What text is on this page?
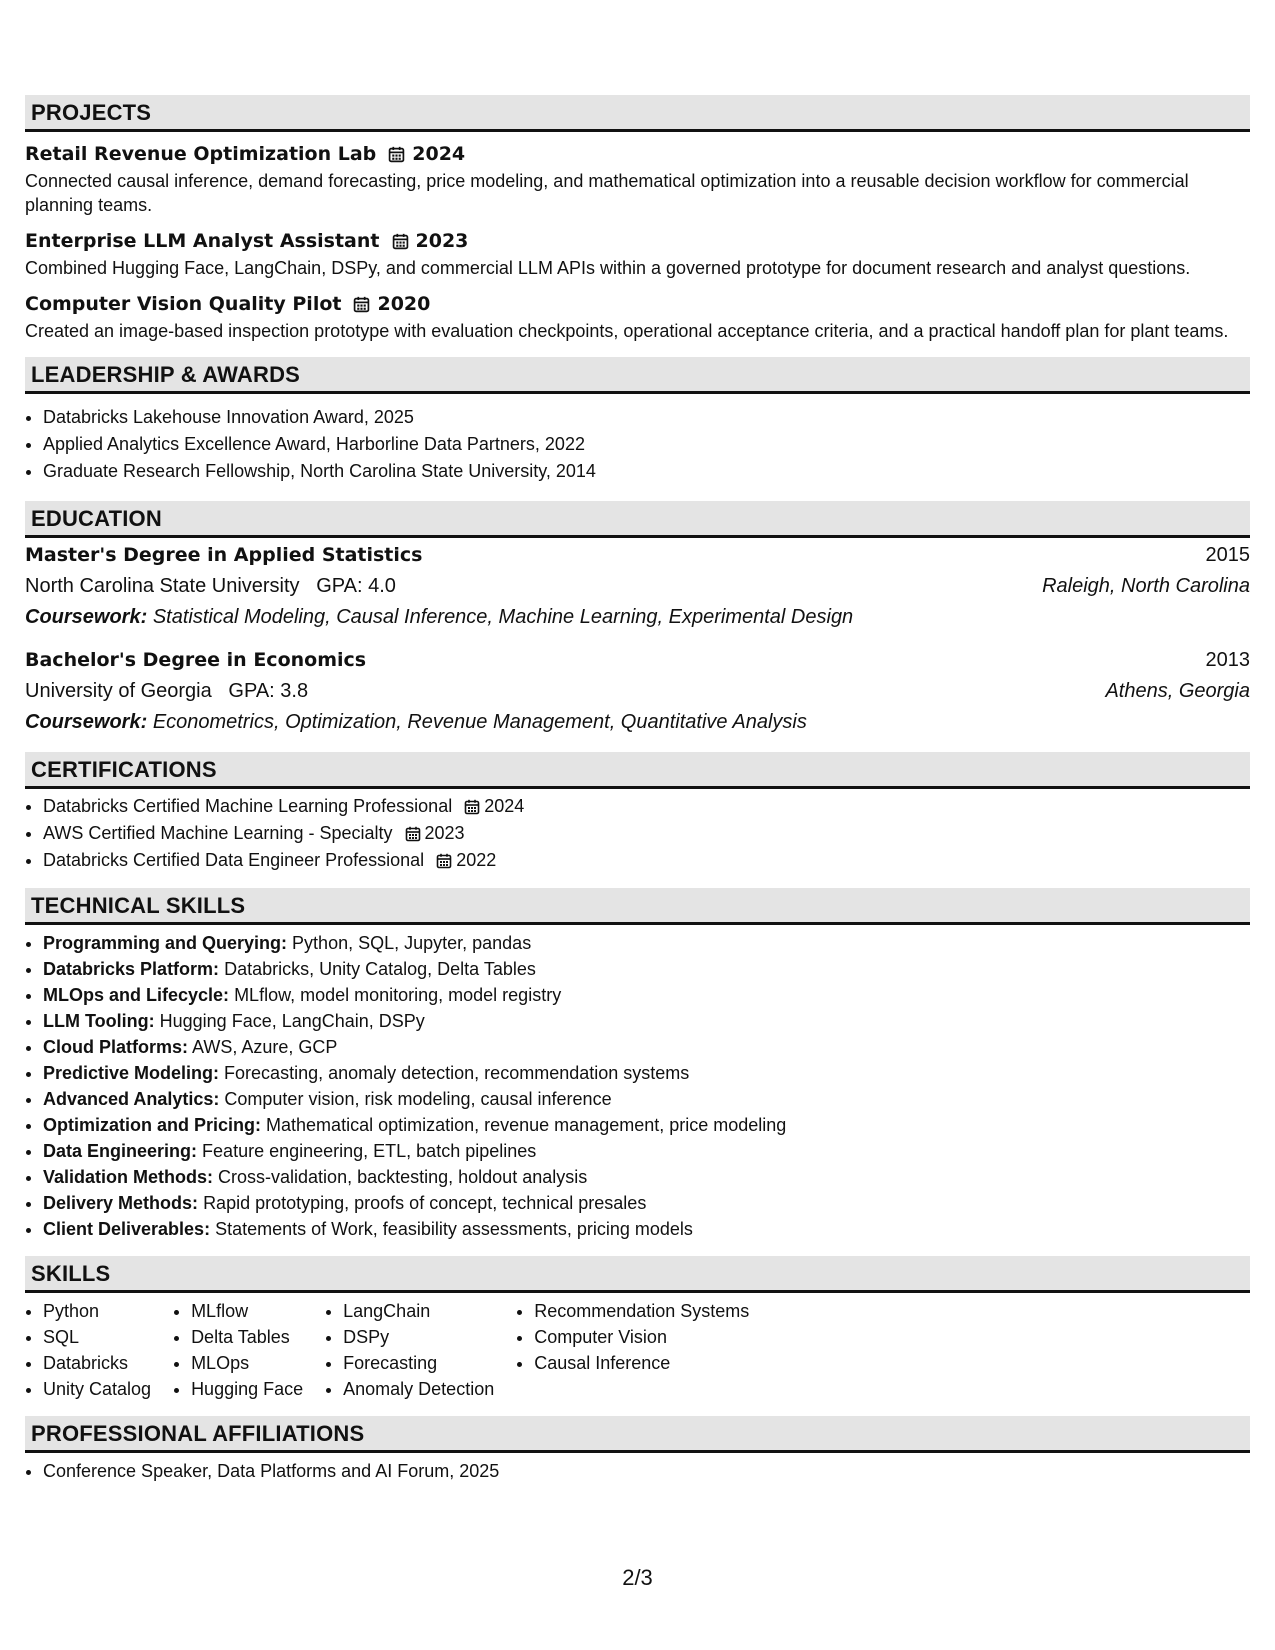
PROJECTS
Retail Revenue Optimization Lab 2024
Connected causal inference, demand forecasting, price modeling, and mathematical optimization into a reusable decision workflow for commercial planning teams.
Enterprise LLM Analyst Assistant 2023
Combined Hugging Face, LangChain, DSPy, and commercial LLM APIs within a governed prototype for document research and analyst questions.
Computer Vision Quality Pilot 2020
Created an image-based inspection prototype with evaluation checkpoints, operational acceptance criteria, and a practical handoff plan for plant teams.
LEADERSHIP & AWARDS
• Databricks Lakehouse Innovation Award, 2025
• Applied Analytics Excellence Award, Harborline Data Partners, 2022
• Graduate Research Fellowship, North Carolina State University, 2014
EDUCATION
Master's Degree in Applied Statistics	2015
North Carolina State University GPA: 4.0	Raleigh, North Carolina
Coursework: Statistical Modeling, Causal Inference, Machine Learning, Experimental Design
Bachelor's Degree in Economics	2013
University of Georgia GPA: 3.8	Athens, Georgia
Coursework: Econometrics, Optimization, Revenue Management, Quantitative Analysis
CERTIFICATIONS
• Databricks Certified Machine Learning Professional 2024
• AWS Certified Machine Learning - Specialty 2023
• Databricks Certified Data Engineer Professional 2022
TECHNICAL SKILLS
• Programming and Querying: Python, SQL, Jupyter, pandas
• Databricks Platform: Databricks, Unity Catalog, Delta Tables
• MLOps and Lifecycle: MLflow, model monitoring, model registry
• LLM Tooling: Hugging Face, LangChain, DSPy
• Cloud Platforms: AWS, Azure, GCP
• Predictive Modeling: Forecasting, anomaly detection, recommendation systems
• Advanced Analytics: Computer vision, risk modeling, causal inference
• Optimization and Pricing: Mathematical optimization, revenue management, price modeling
• Data Engineering: Feature engineering, ETL, batch pipelines
• Validation Methods: Cross-validation, backtesting, holdout analysis
• Delivery Methods: Rapid prototyping, proofs of concept, technical presales
• Client Deliverables: Statements of Work, feasibility assessments, pricing models
SKILLS
• Python
• SQL
• Databricks
• Unity Catalog
• MLflow
• Delta Tables
• MLOps
• Hugging Face
• LangChain
• DSPy
• Forecasting
• Anomaly Detection
• Recommendation Systems
• Computer Vision
• Causal Inference
PROFESSIONAL AFFILIATIONS
• Conference Speaker, Data Platforms and AI Forum, 2025
2/3
